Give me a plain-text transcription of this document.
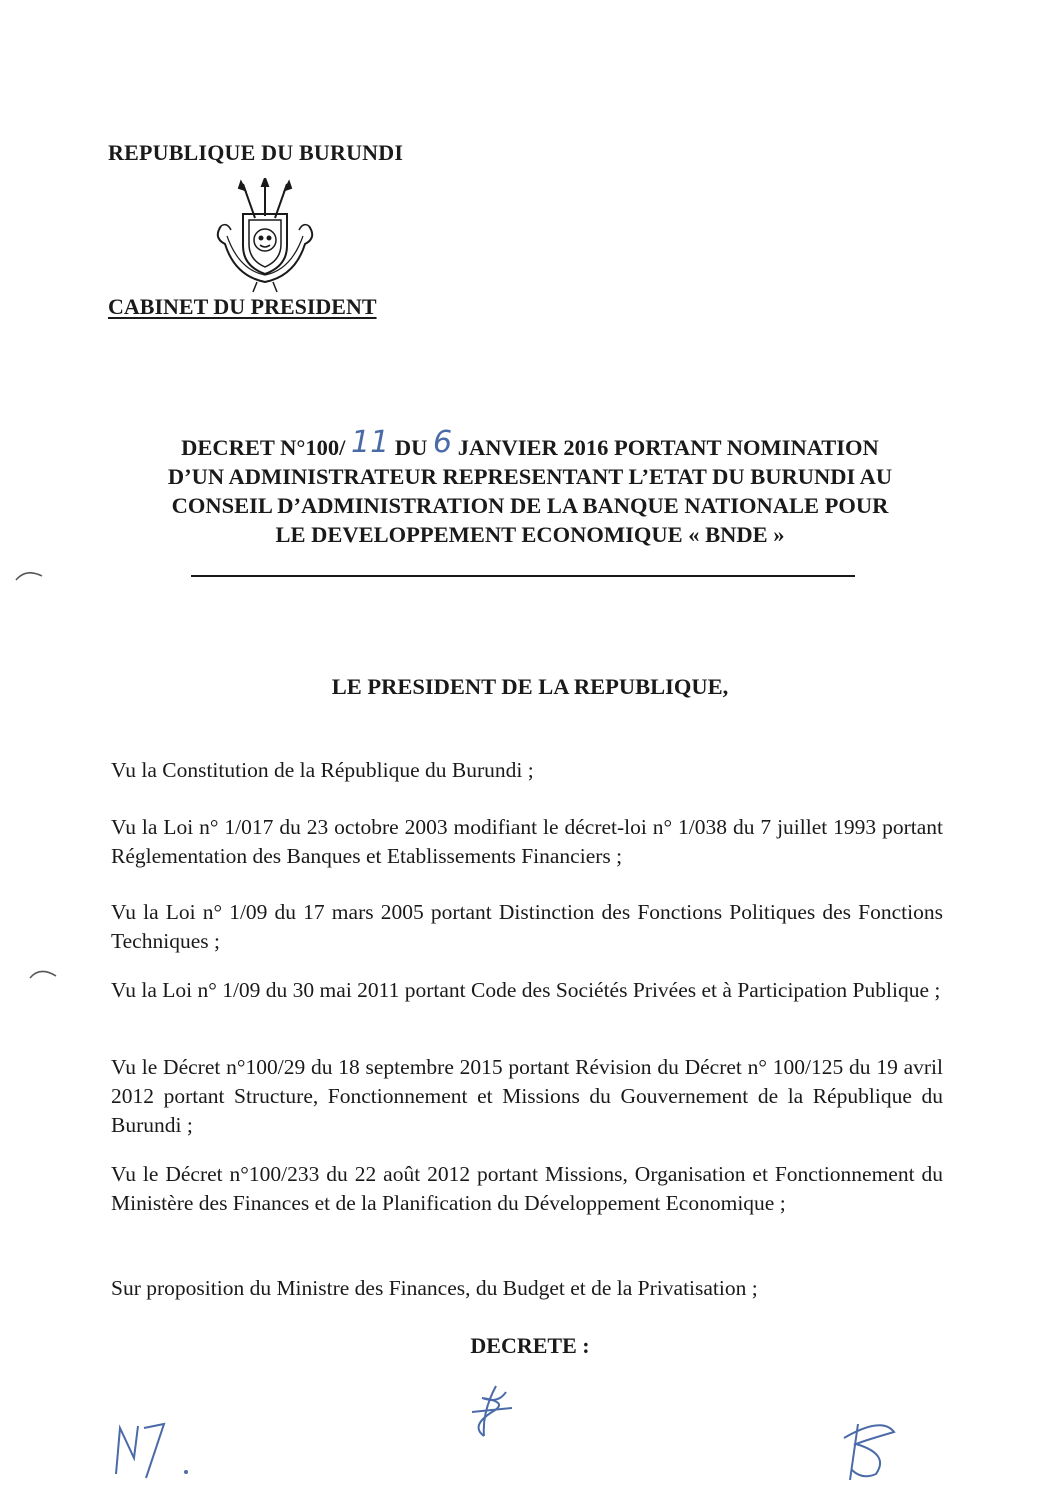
REPUBLIQUE DU BURUNDI
CABINET DU PRESIDENT
DECRET N°100/ 11 DU 6 JANVIER 2016 PORTANT NOMINATION
D’UN ADMINISTRATEUR REPRESENTANT L’ETAT DU BURUNDI AU
CONSEIL D’ADMINISTRATION DE LA BANQUE NATIONALE POUR
LE DEVELOPPEMENT ECONOMIQUE « BNDE »
LE PRESIDENT DE LA REPUBLIQUE,
Vu la Constitution de la République du Burundi ;
Vu la Loi n° 1/017 du 23 octobre 2003 modifiant le décret-loi n° 1/038 du 7 juillet 1993 portant Réglementation des Banques et Etablissements Financiers ;
Vu la Loi n° 1/09 du 17 mars 2005 portant Distinction des Fonctions Politiques des Fonctions Techniques ;
Vu la Loi n° 1/09 du 30 mai 2011 portant Code des Sociétés Privées et à Participation Publique ;
Vu le Décret n°100/29 du 18 septembre 2015 portant Révision du Décret n° 100/125 du 19 avril 2012 portant Structure, Fonctionnement et Missions du Gouvernement de la République du Burundi ;
Vu le Décret n°100/233 du 22 août 2012 portant Missions, Organisation et Fonctionnement du Ministère des Finances et de la Planification du Développement Economique ;
Sur proposition du Ministre des Finances, du Budget et de la Privatisation ;
DECRETE :
